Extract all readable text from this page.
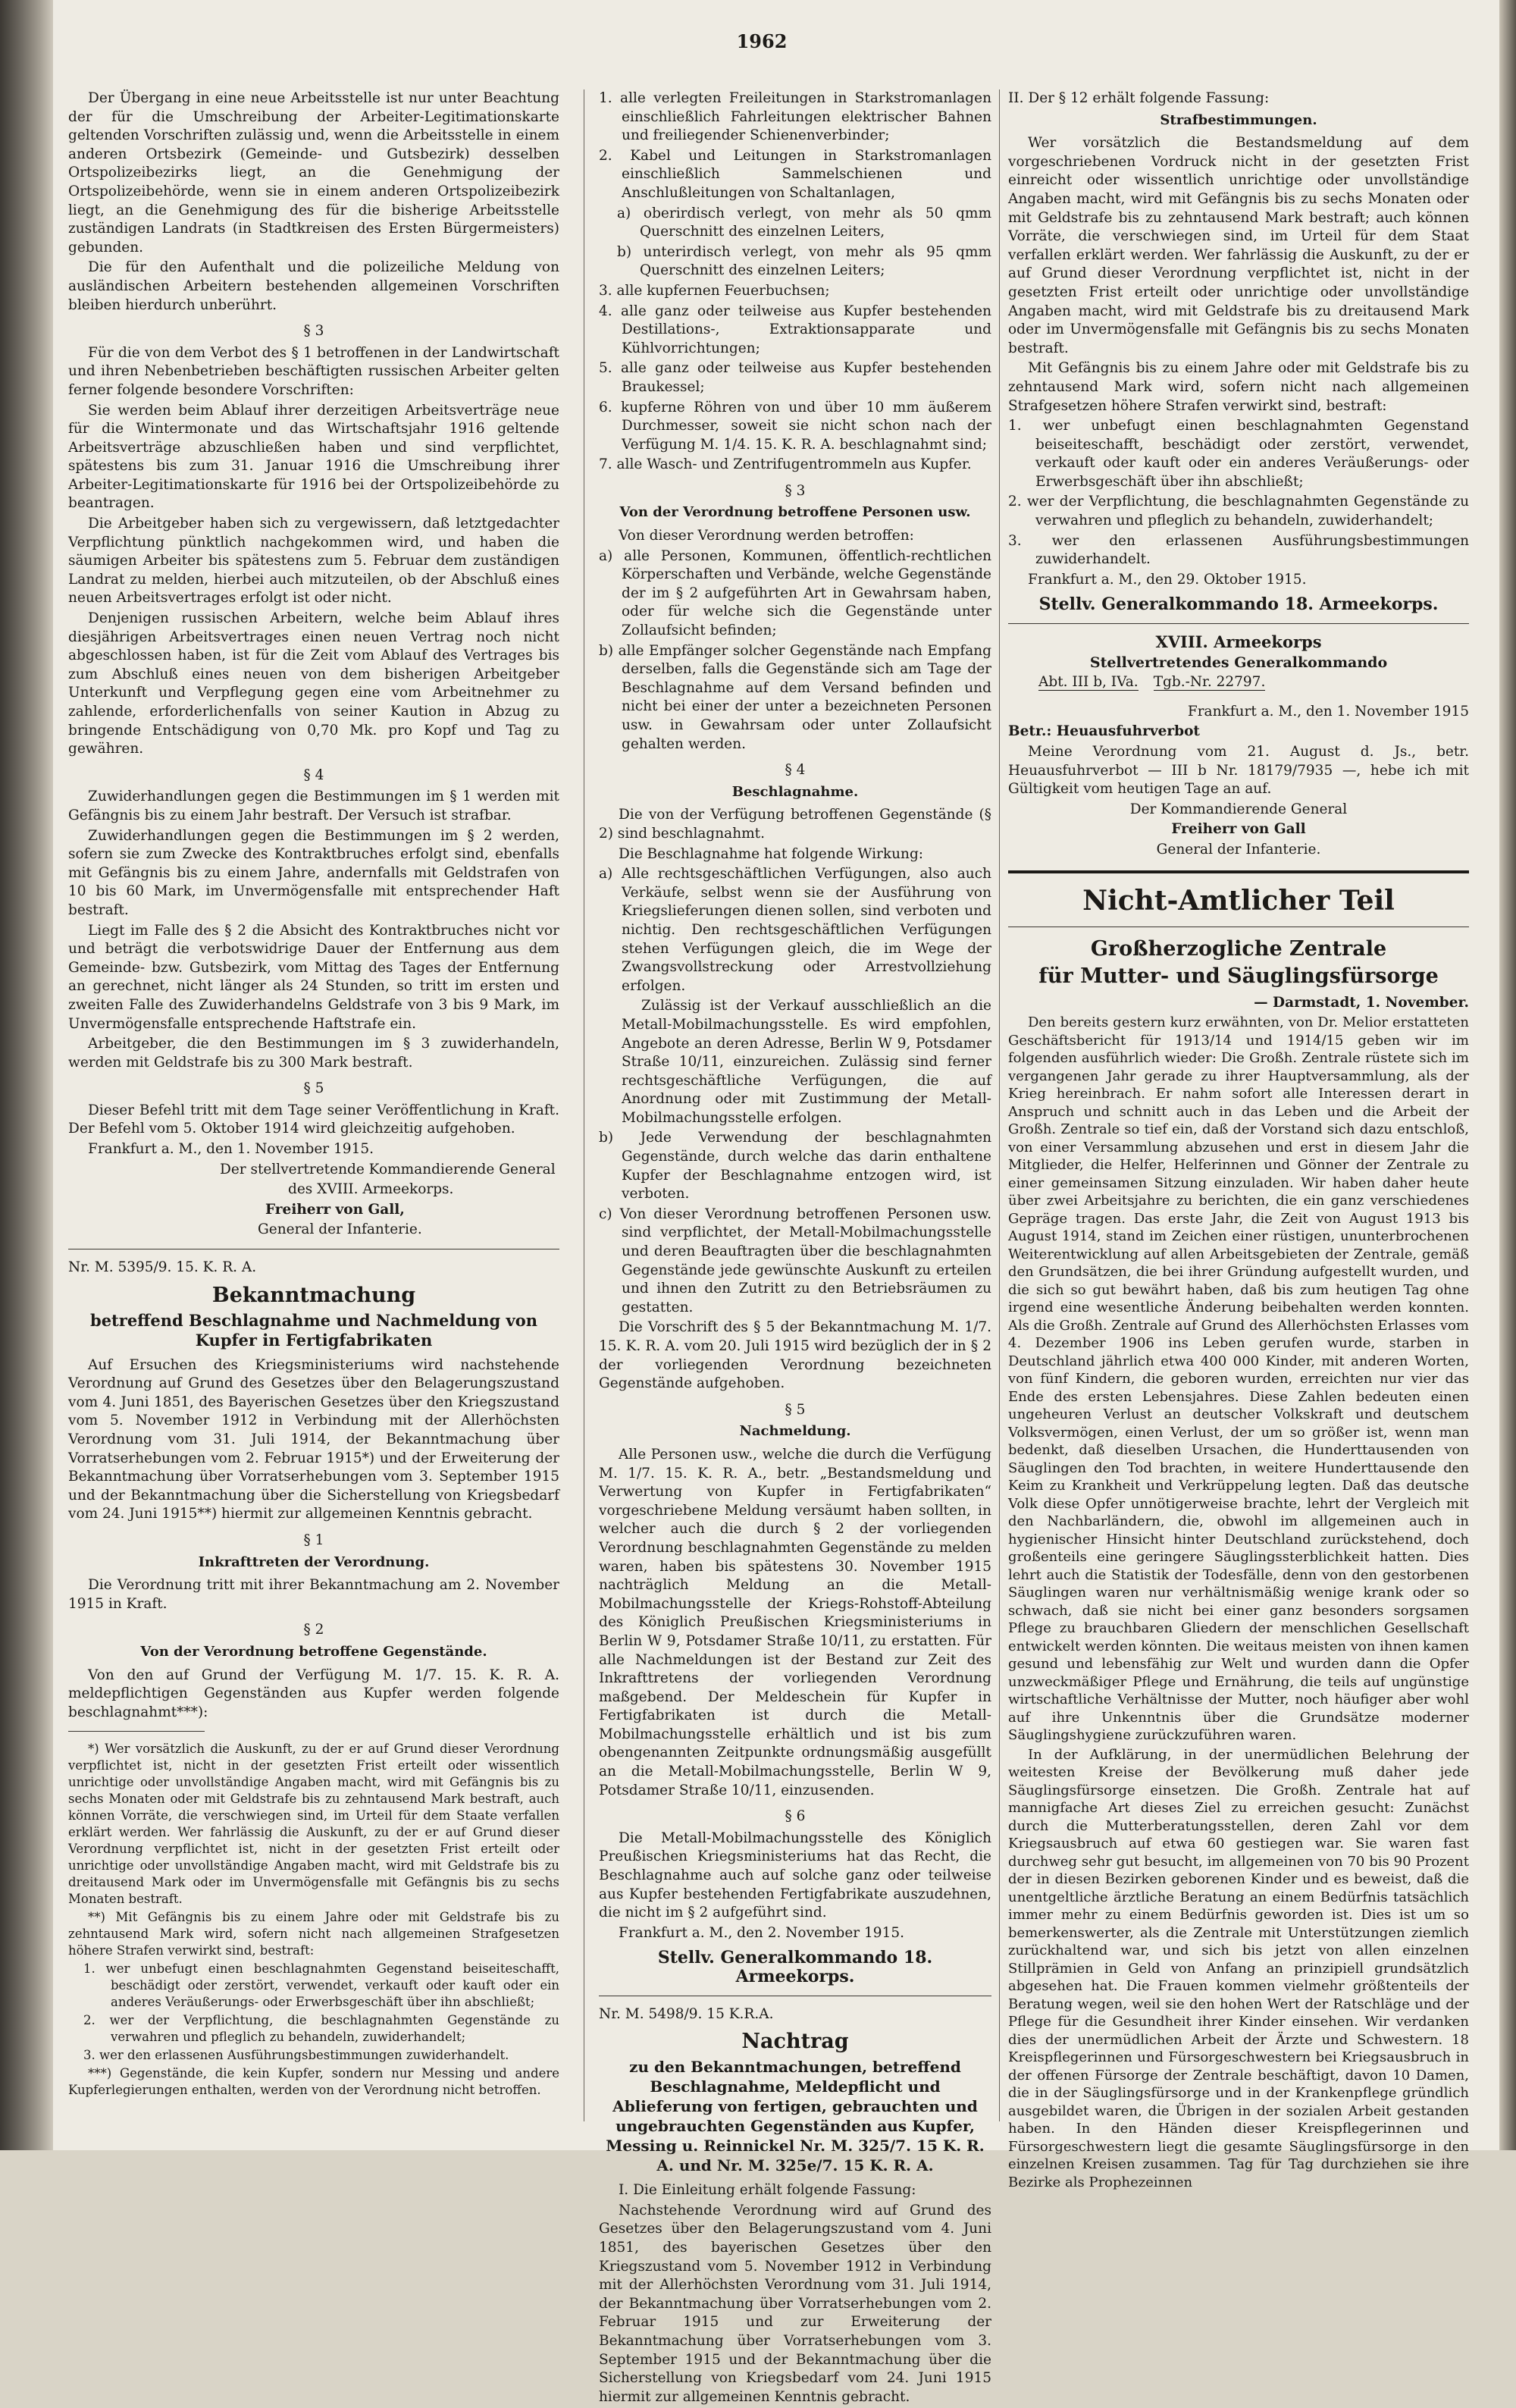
1962

Der Übergang in eine neue Arbeitsstelle ist nur unter Beachtung der für die Umschreibung der Arbeiter-Legitimationskarte geltenden Vorschriften zulässig und, wenn die Arbeitsstelle in einem anderen Ortsbezirk (Gemeinde- und Gutsbezirk) desselben Ortspolizeibezirks liegt, an die Genehmigung der Ortspolizeibehörde, wenn sie in einem anderen Ortspolizeibezirk liegt, an die Genehmigung des für die bisherige Arbeitsstelle zuständigen Landrats (in Stadtkreisen des Ersten Bürgermeisters) gebunden.

Die für den Aufenthalt und die polizeiliche Meldung von ausländischen Arbeitern bestehenden allgemeinen Vorschriften bleiben hierdurch unberührt.

§ 3

Für die von dem Verbot des § 1 betroffenen in der Landwirtschaft und ihren Nebenbetrieben beschäftigten russischen Arbeiter gelten ferner folgende besondere Vorschriften:

Sie werden beim Ablauf ihrer derzeitigen Arbeitsverträge neue für die Wintermonate und das Wirtschaftsjahr 1916 geltende Arbeitsverträge abzuschließen haben und sind verpflichtet, spätestens bis zum 31. Januar 1916 die Umschreibung ihrer Arbeiter-Legitimationskarte für 1916 bei der Ortspolizeibehörde zu beantragen.

Die Arbeitgeber haben sich zu vergewissern, daß letztgedachter Verpflichtung pünktlich nachgekommen wird, und haben die säumigen Arbeiter bis spätestens zum 5. Februar dem zuständigen Landrat zu melden, hierbei auch mitzuteilen, ob der Abschluß eines neuen Arbeitsvertrages erfolgt ist oder nicht.

Denjenigen russischen Arbeitern, welche beim Ablauf ihres diesjährigen Arbeitsvertrages einen neuen Vertrag noch nicht abgeschlossen haben, ist für die Zeit vom Ablauf des Vertrages bis zum Abschluß eines neuen von dem bisherigen Arbeitgeber Unterkunft und Verpflegung gegen eine vom Arbeitnehmer zu zahlende, erforderlichenfalls von seiner Kaution in Abzug zu bringende Entschädigung von 0,70 Mk. pro Kopf und Tag zu gewähren.

§ 4

Zuwiderhandlungen gegen die Bestimmungen im § 1 werden mit Gefängnis bis zu einem Jahr bestraft. Der Versuch ist strafbar.

Zuwiderhandlungen gegen die Bestimmungen im § 2 werden, sofern sie zum Zwecke des Kontraktbruches erfolgt sind, ebenfalls mit Gefängnis bis zu einem Jahre, andernfalls mit Geldstrafen von 10 bis 60 Mark, im Unvermögensfalle mit entsprechender Haft bestraft.

Liegt im Falle des § 2 die Absicht des Kontraktbruches nicht vor und beträgt die verbotswidrige Dauer der Entfernung aus dem Gemeinde- bzw. Gutsbezirk, vom Mittag des Tages der Entfernung an gerechnet, nicht länger als 24 Stunden, so tritt im ersten und zweiten Falle des Zuwiderhandelns Geldstrafe von 3 bis 9 Mark, im Unvermögensfalle entsprechende Haftstrafe ein.

Arbeitgeber, die den Bestimmungen im § 3 zuwiderhandeln, werden mit Geldstrafe bis zu 300 Mark bestraft.

§ 5

Dieser Befehl tritt mit dem Tage seiner Veröffentlichung in Kraft. Der Befehl vom 5. Oktober 1914 wird gleichzeitig aufgehoben.

Frankfurt a. M., den 1. November 1915.

Der stellvertretende Kommandierende General

des XVIII. Armeekorps.

Freiherr von Gall,

General der Infanterie.

Nr. M. 5395/9. 15. K. R. A.

Bekanntmachung

betreffend Beschlagnahme und Nachmeldung von Kupfer in Fertigfabrikaten

Auf Ersuchen des Kriegsministeriums wird nachstehende Verordnung auf Grund des Gesetzes über den Belagerungszustand vom 4. Juni 1851, des Bayerischen Gesetzes über den Kriegszustand vom 5. November 1912 in Verbindung mit der Allerhöchsten Verordnung vom 31. Juli 1914, der Bekanntmachung über Vorratserhebungen vom 2. Februar 1915*) und der Erweiterung der Bekanntmachung über Vorratserhebungen vom 3. September 1915 und der Bekanntmachung über die Sicherstellung von Kriegsbedarf vom 24. Juni 1915**) hiermit zur allgemeinen Kenntnis gebracht.

§ 1

Inkrafttreten der Verordnung.

Die Verordnung tritt mit ihrer Bekanntmachung am 2. November 1915 in Kraft.

§ 2

Von der Verordnung betroffene Gegenstände.

Von den auf Grund der Verfügung M. 1/7. 15. K. R. A. meldepflichtigen Gegenständen aus Kupfer werden folgende beschlagnahmt***):

*) Wer vorsätzlich die Auskunft, zu der er auf Grund dieser Verordnung verpflichtet ist, nicht in der gesetzten Frist erteilt oder wissentlich unrichtige oder unvollständige Angaben macht, wird mit Gefängnis bis zu sechs Monaten oder mit Geldstrafe bis zu zehntausend Mark bestraft, auch können Vorräte, die verschwiegen sind, im Urteil für dem Staate verfallen erklärt werden. Wer fahrlässig die Auskunft, zu der er auf Grund dieser Verordnung verpflichtet ist, nicht in der gesetzten Frist erteilt oder unrichtige oder unvollständige Angaben macht, wird mit Geldstrafe bis zu dreitausend Mark oder im Unvermögensfalle mit Gefängnis bis zu sechs Monaten bestraft.

**) Mit Gefängnis bis zu einem Jahre oder mit Geldstrafe bis zu zehntausend Mark wird, sofern nicht nach allgemeinen Strafgesetzen höhere Strafen verwirkt sind, bestraft:

1. wer unbefugt einen beschlagnahmten Gegenstand beiseiteschafft, beschädigt oder zerstört, verwendet, verkauft oder kauft oder ein anderes Veräußerungs- oder Erwerbsgeschäft über ihn abschließt;

2. wer der Verpflichtung, die beschlagnahmten Gegenstände zu verwahren und pfleglich zu behandeln, zuwiderhandelt;

3. wer den erlassenen Ausführungsbestimmungen zuwiderhandelt.

***) Gegenstände, die kein Kupfer, sondern nur Messing und andere Kupferlegierungen enthalten, werden von der Verordnung nicht betroffen.

1. alle verlegten Freileitungen in Starkstromanlagen einschließlich Fahrleitungen elektrischer Bahnen und freiliegender Schienenverbinder;

2. Kabel und Leitungen in Starkstromanlagen einschließlich Sammelschienen und Anschlußleitungen von Schaltanlagen,

a) oberirdisch verlegt, von mehr als 50 qmm Querschnitt des einzelnen Leiters,

b) unterirdisch verlegt, von mehr als 95 qmm Querschnitt des einzelnen Leiters;

3. alle kupfernen Feuerbuchsen;

4. alle ganz oder teilweise aus Kupfer bestehenden Destillations-, Extraktionsapparate und Kühlvorrichtungen;

5. alle ganz oder teilweise aus Kupfer bestehenden Braukessel;

6. kupferne Röhren von und über 10 mm äußerem Durchmesser, soweit sie nicht schon nach der Verfügung M. 1/4. 15. K. R. A. beschlagnahmt sind;

7. alle Wasch- und Zentrifugentrommeln aus Kupfer.

§ 3

Von der Verordnung betroffene Personen usw.

Von dieser Verordnung werden betroffen:

a) alle Personen, Kommunen, öffentlich-rechtlichen Körperschaften und Verbände, welche Gegenstände der im § 2 aufgeführten Art in Gewahrsam haben, oder für welche sich die Gegenstände unter Zollaufsicht befinden;

b) alle Empfänger solcher Gegenstände nach Empfang derselben, falls die Gegenstände sich am Tage der Beschlagnahme auf dem Versand befinden und nicht bei einer der unter a bezeichneten Personen usw. in Gewahrsam oder unter Zollaufsicht gehalten werden.

§ 4

Beschlagnahme.

Die von der Verfügung betroffenen Gegenstände (§ 2) sind beschlagnahmt.

Die Beschlagnahme hat folgende Wirkung:

a) Alle rechtsgeschäftlichen Verfügungen, also auch Verkäufe, selbst wenn sie der Ausführung von Kriegslieferungen dienen sollen, sind verboten und nichtig. Den rechtsgeschäftlichen Verfügungen stehen Verfügungen gleich, die im Wege der Zwangsvollstreckung oder Arrestvollziehung erfolgen.

Zulässig ist der Verkauf ausschließlich an die Metall-Mobilmachungsstelle. Es wird empfohlen, Angebote an deren Adresse, Berlin W 9, Potsdamer Straße 10/11, einzureichen. Zulässig sind ferner rechtsgeschäftliche Verfügungen, die auf Anordnung oder mit Zustimmung der Metall-Mobilmachungsstelle erfolgen.

b) Jede Verwendung der beschlagnahmten Gegenstände, durch welche das darin enthaltene Kupfer der Beschlagnahme entzogen wird, ist verboten.

c) Von dieser Verordnung betroffenen Personen usw. sind verpflichtet, der Metall-Mobilmachungsstelle und deren Beauftragten über die beschlagnahmten Gegenstände jede gewünschte Auskunft zu erteilen und ihnen den Zutritt zu den Betriebsräumen zu gestatten.

Die Vorschrift des § 5 der Bekanntmachung M. 1/7. 15. K. R. A. vom 20. Juli 1915 wird bezüglich der in § 2 der vorliegenden Verordnung bezeichneten Gegenstände aufgehoben.

§ 5

Nachmeldung.

Alle Personen usw., welche die durch die Verfügung M. 1/7. 15. K. R. A., betr. „Bestandsmeldung und Verwertung von Kupfer in Fertigfabrikaten“ vorgeschriebene Meldung versäumt haben sollten, in welcher auch die durch § 2 der vorliegenden Verordnung beschlagnahmten Gegenstände zu melden waren, haben bis spätestens 30. November 1915 nachträglich Meldung an die Metall-Mobilmachungsstelle der Kriegs-Rohstoff-Abteilung des Königlich Preußischen Kriegsministeriums in Berlin W 9, Potsdamer Straße 10/11, zu erstatten. Für alle Nachmeldungen ist der Bestand zur Zeit des Inkrafttretens der vorliegenden Verordnung maßgebend. Der Meldeschein für Kupfer in Fertigfabrikaten ist durch die Metall-Mobilmachungsstelle erhältlich und ist bis zum obengenannten Zeitpunkte ordnungsmäßig ausgefüllt an die Metall-Mobilmachungsstelle, Berlin W 9, Potsdamer Straße 10/11, einzusenden.

§ 6

Die Metall-Mobilmachungsstelle des Königlich Preußischen Kriegsministeriums hat das Recht, die Beschlagnahme auch auf solche ganz oder teilweise aus Kupfer bestehenden Fertigfabrikate auszudehnen, die nicht im § 2 aufgeführt sind.

Frankfurt a. M., den 2. November 1915.

Stellv. Generalkommando 18. Armeekorps.

Nr. M. 5498/9. 15 K.R.A.

Nachtrag

zu den Bekanntmachungen, betreffend Beschlagnahme, Meldepflicht und Ablieferung von fertigen, gebrauchten und ungebrauchten Gegenständen aus Kupfer, Messing u. Reinnickel Nr. M. 325/7. 15 K. R. A. und Nr. M. 325e/7. 15 K. R. A.

I. Die Einleitung erhält folgende Fassung:

Nachstehende Verordnung wird auf Grund des Gesetzes über den Belagerungszustand vom 4. Juni 1851, des bayerischen Gesetzes über den Kriegszustand vom 5. November 1912 in Verbindung mit der Allerhöchsten Verordnung vom 31. Juli 1914, der Bekanntmachung über Vorratserhebungen vom 2. Februar 1915 und zur Erweiterung der Bekanntmachung über Vorratserhebungen vom 3. September 1915 und der Bekanntmachung über die Sicherstellung von Kriegsbedarf vom 24. Juni 1915 hiermit zur allgemeinen Kenntnis gebracht.

II. Der § 12 erhält folgende Fassung:

Strafbestimmungen.

Wer vorsätzlich die Bestandsmeldung auf dem vorgeschriebenen Vordruck nicht in der gesetzten Frist einreicht oder wissentlich unrichtige oder unvollständige Angaben macht, wird mit Gefängnis bis zu sechs Monaten oder mit Geldstrafe bis zu zehntausend Mark bestraft; auch können Vorräte, die verschwiegen sind, im Urteil für dem Staat verfallen erklärt werden. Wer fahrlässig die Auskunft, zu der er auf Grund dieser Verordnung verpflichtet ist, nicht in der gesetzten Frist erteilt oder unrichtige oder unvollständige Angaben macht, wird mit Geldstrafe bis zu dreitausend Mark oder im Unvermögensfalle mit Gefängnis bis zu sechs Monaten bestraft.

Mit Gefängnis bis zu einem Jahre oder mit Geldstrafe bis zu zehntausend Mark wird, sofern nicht nach allgemeinen Strafgesetzen höhere Strafen verwirkt sind, bestraft:

1. wer unbefugt einen beschlagnahmten Gegenstand beiseiteschafft, beschädigt oder zerstört, verwendet, verkauft oder kauft oder ein anderes Veräußerungs- oder Erwerbsgeschäft über ihn abschließt;

2. wer der Verpflichtung, die beschlagnahmten Gegenstände zu verwahren und pfleglich zu behandeln, zuwiderhandelt;

3. wer den erlassenen Ausführungsbestimmungen zuwiderhandelt.

Frankfurt a. M., den 29. Oktober 1915.

Stellv. Generalkommando 18. Armeekorps.

XVIII. Armeekorps

Stellvertretendes Generalkommando

Abt. III b, IVa. Tgb.-Nr. 22797.

Frankfurt a. M., den 1. November 1915

Betr.: Heuausfuhrverbot

Meine Verordnung vom 21. August d. Js., betr. Heuausfuhrverbot — III b Nr. 18179/7935 —, hebe ich mit Gültigkeit vom heutigen Tage an auf.

Der Kommandierende General

Freiherr von Gall

General der Infanterie.

Nicht-Amtlicher Teil

Großherzogliche Zentrale

für Mutter- und Säuglingsfürsorge

— Darmstadt, 1. November.

Den bereits gestern kurz erwähnten, von Dr. Melior erstatteten Geschäftsbericht für 1913/14 und 1914/15 geben wir im folgenden ausführlich wieder: Die Großh. Zentrale rüstete sich im vergangenen Jahr gerade zu ihrer Hauptversammlung, als der Krieg hereinbrach. Er nahm sofort alle Interessen derart in Anspruch und schnitt auch in das Leben und die Arbeit der Großh. Zentrale so tief ein, daß der Vorstand sich dazu entschloß, von einer Versammlung abzusehen und erst in diesem Jahr die Mitglieder, die Helfer, Helferinnen und Gönner der Zentrale zu einer gemeinsamen Sitzung einzuladen. Wir haben daher heute über zwei Arbeitsjahre zu berichten, die ein ganz verschiedenes Gepräge tragen. Das erste Jahr, die Zeit von August 1913 bis August 1914, stand im Zeichen einer rüstigen, ununterbrochenen Weiterentwicklung auf allen Arbeitsgebieten der Zentrale, gemäß den Grundsätzen, die bei ihrer Gründung aufgestellt wurden, und die sich so gut bewährt haben, daß bis zum heutigen Tag ohne irgend eine wesentliche Änderung beibehalten werden konnten. Als die Großh. Zentrale auf Grund des Allerhöchsten Erlasses vom 4. Dezember 1906 ins Leben gerufen wurde, starben in Deutschland jährlich etwa 400 000 Kinder, mit anderen Worten, von fünf Kindern, die geboren wurden, erreichten nur vier das Ende des ersten Lebensjahres. Diese Zahlen bedeuten einen ungeheuren Verlust an deutscher Volkskraft und deutschem Volksvermögen, einen Verlust, der um so größer ist, wenn man bedenkt, daß dieselben Ursachen, die Hunderttausenden von Säuglingen den Tod brachten, in weitere Hunderttausende den Keim zu Krankheit und Verkrüppelung legten. Daß das deutsche Volk diese Opfer unnötigerweise brachte, lehrt der Vergleich mit den Nachbarländern, die, obwohl im allgemeinen auch in hygienischer Hinsicht hinter Deutschland zurückstehend, doch großenteils eine geringere Säuglingssterblichkeit hatten. Dies lehrt auch die Statistik der Todesfälle, denn von den gestorbenen Säuglingen waren nur verhältnismäßig wenige krank oder so schwach, daß sie nicht bei einer ganz besonders sorgsamen Pflege zu brauchbaren Gliedern der menschlichen Gesellschaft entwickelt werden könnten. Die weitaus meisten von ihnen kamen gesund und lebensfähig zur Welt und wurden dann die Opfer unzweckmäßiger Pflege und Ernährung, die teils auf ungünstige wirtschaftliche Verhältnisse der Mutter, noch häufiger aber wohl auf ihre Unkenntnis über die Grundsätze moderner Säuglingshygiene zurückzuführen waren.

In der Aufklärung, in der unermüdlichen Belehrung der weitesten Kreise der Bevölkerung muß daher jede Säuglingsfürsorge einsetzen. Die Großh. Zentrale hat auf mannigfache Art dieses Ziel zu erreichen gesucht: Zunächst durch die Mutterberatungsstellen, deren Zahl vor dem Kriegsausbruch auf etwa 60 gestiegen war. Sie waren fast durchweg sehr gut besucht, im allgemeinen von 70 bis 90 Prozent der in diesen Bezirken geborenen Kinder und es beweist, daß die unentgeltliche ärztliche Beratung an einem Bedürfnis tatsächlich immer mehr zu einem Bedürfnis geworden ist. Dies ist um so bemerkenswerter, als die Zentrale mit Unterstützungen ziemlich zurückhaltend war, und sich bis jetzt von allen einzelnen Stillprämien in Geld von Anfang an prinzipiell grundsätzlich abgesehen hat. Die Frauen kommen vielmehr größtenteils der Beratung wegen, weil sie den hohen Wert der Ratschläge und der Pflege für die Gesundheit ihrer Kinder einsehen. Wir verdanken dies der unermüdlichen Arbeit der Ärzte und Schwestern. 18 Kreispflegerinnen und Fürsorgeschwestern bei Kriegsausbruch in der offenen Fürsorge der Zentrale beschäftigt, davon 10 Damen, die in der Säuglingsfürsorge und in der Krankenpflege gründlich ausgebildet waren, die Übrigen in der sozialen Arbeit gestanden haben. In den Händen dieser Kreispflegerinnen und Fürsorgeschwestern liegt die gesamte Säuglingsfürsorge in den einzelnen Kreisen zusammen. Tag für Tag durchziehen sie ihre Bezirke als Prophezeinnen
